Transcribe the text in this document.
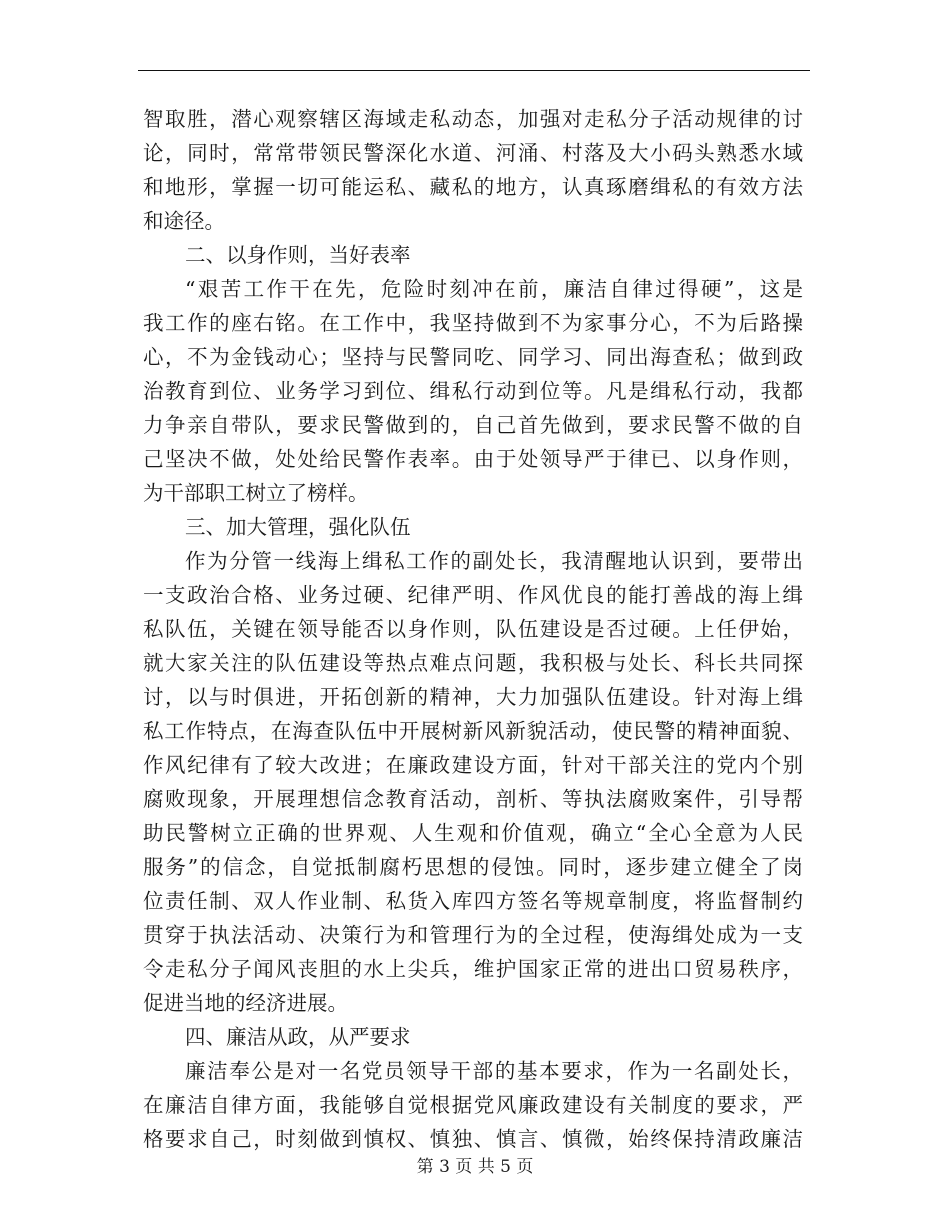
智取胜，潜心观察辖区海域走私动态，加强对走私分子活动规律的讨
论，同时，常常带领民警深化水道、河涌、村落及大小码头熟悉水域
和地形，掌握一切可能运私、藏私的地方，认真琢磨缉私的有效方法
和途径。
二、以身作则，当好表率
“艰苦工作干在先，危险时刻冲在前，廉洁自律过得硬”，这是
我工作的座右铭。在工作中，我坚持做到不为家事分心，不为后路操
心，不为金钱动心；坚持与民警同吃、同学习、同出海查私；做到政
治教育到位、业务学习到位、缉私行动到位等。凡是缉私行动，我都
力争亲自带队，要求民警做到的，自己首先做到，要求民警不做的自
己坚决不做，处处给民警作表率。由于处领导严于律已、以身作则，
为干部职工树立了榜样。
三、加大管理，强化队伍
作为分管一线海上缉私工作的副处长，我清醒地认识到，要带出
一支政治合格、业务过硬、纪律严明、作风优良的能打善战的海上缉
私队伍，关键在领导能否以身作则，队伍建设是否过硬。上任伊始，
就大家关注的队伍建设等热点难点问题，我积极与处长、科长共同探
讨，以与时俱进，开拓创新的精神，大力加强队伍建设。针对海上缉
私工作特点，在海查队伍中开展树新风新貌活动，使民警的精神面貌、
作风纪律有了较大改进；在廉政建设方面，针对干部关注的党内个别
腐败现象，开展理想信念教育活动，剖析、等执法腐败案件，引导帮
助民警树立正确的世界观、人生观和价值观，确立“全心全意为人民
服务”的信念，自觉抵制腐朽思想的侵蚀。同时，逐步建立健全了岗
位责任制、双人作业制、私货入库四方签名等规章制度，将监督制约
贯穿于执法活动、决策行为和管理行为的全过程，使海缉处成为一支
令走私分子闻风丧胆的水上尖兵，维护国家正常的进出口贸易秩序，
促进当地的经济进展。
四、廉洁从政，从严要求
廉洁奉公是对一名党员领导干部的基本要求，作为一名副处长，
在廉洁自律方面，我能够自觉根据党风廉政建设有关制度的要求，严
格要求自己，时刻做到慎权、慎独、慎言、慎微，始终保持清政廉洁
第 3 页 共 5 页
